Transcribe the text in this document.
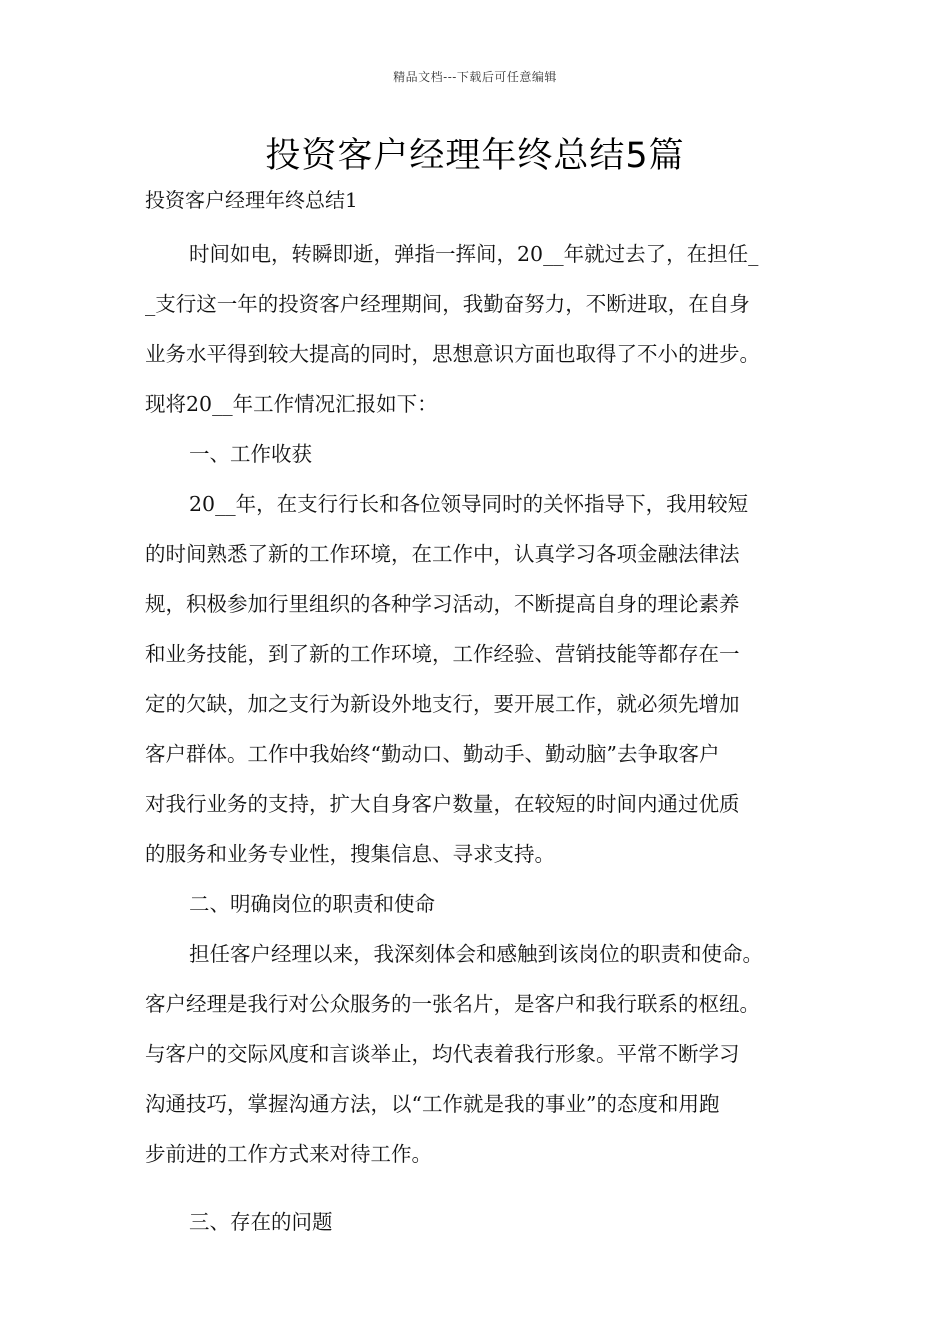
精品文档---下载后可任意编辑
投资客户经理年终总结5篇
投资客户经理年终总结1
时间如电，转瞬即逝，弹指一挥间，20__年就过去了，在担任_
_支行这一年的投资客户经理期间，我勤奋努力，不断进取，在自身
业务水平得到较大提高的同时，思想意识方面也取得了不小的进步。
现将20__年工作情况汇报如下：
一、工作收获
20__年，在支行行长和各位领导同时的关怀指导下，我用较短
的时间熟悉了新的工作环境，在工作中，认真学习各项金融法律法
规，积极参加行里组织的各种学习活动，不断提高自身的理论素养
和业务技能，到了新的工作环境，工作经验、营销技能等都存在一
定的欠缺，加之支行为新设外地支行，要开展工作，就必须先增加
客户群体。工作中我始终“勤动口、勤动手、勤动脑”去争取客户
对我行业务的支持，扩大自身客户数量，在较短的时间内通过优质
的服务和业务专业性，搜集信息、寻求支持。
二、明确岗位的职责和使命
担任客户经理以来，我深刻体会和感触到该岗位的职责和使命。
客户经理是我行对公众服务的一张名片，是客户和我行联系的枢纽。
与客户的交际风度和言谈举止，均代表着我行形象。平常不断学习
沟通技巧，掌握沟通方法，以“工作就是我的事业”的态度和用跑
步前进的工作方式来对待工作。
三、存在的问题
